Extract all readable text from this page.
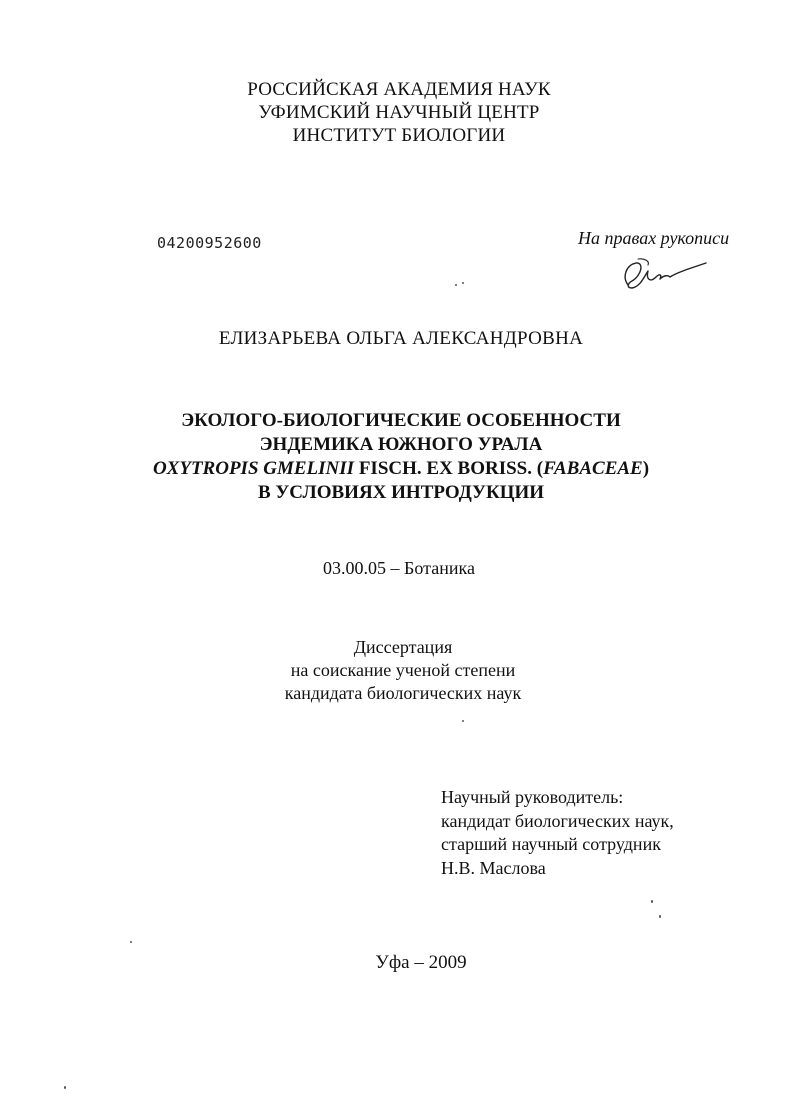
РОССИЙСКАЯ АКАДЕМИЯ НАУК
УФИМСКИЙ НАУЧНЫЙ ЦЕНТР
ИНСТИТУТ БИОЛОГИИ
04200952600	На правах рукописи
ЕЛИЗАРЬЕВА ОЛЬГА АЛЕКСАНДРОВНА
ЭКОЛОГО-БИОЛОГИЧЕСКИЕ ОСОБЕННОСТИ
ЭНДЕМИКА ЮЖНОГО УРАЛА
OXYTROPIS GMELINII FISCH. EX BORISS. (FABACEAE)
В УСЛОВИЯХ ИНТРОДУКЦИИ
03.00.05 – Ботаника
Диссертация
на соискание ученой степени
кандидата биологических наук
Научный руководитель:
кандидат биологических наук,
старший научный сотрудник
Н.В. Маслова
Уфа – 2009
